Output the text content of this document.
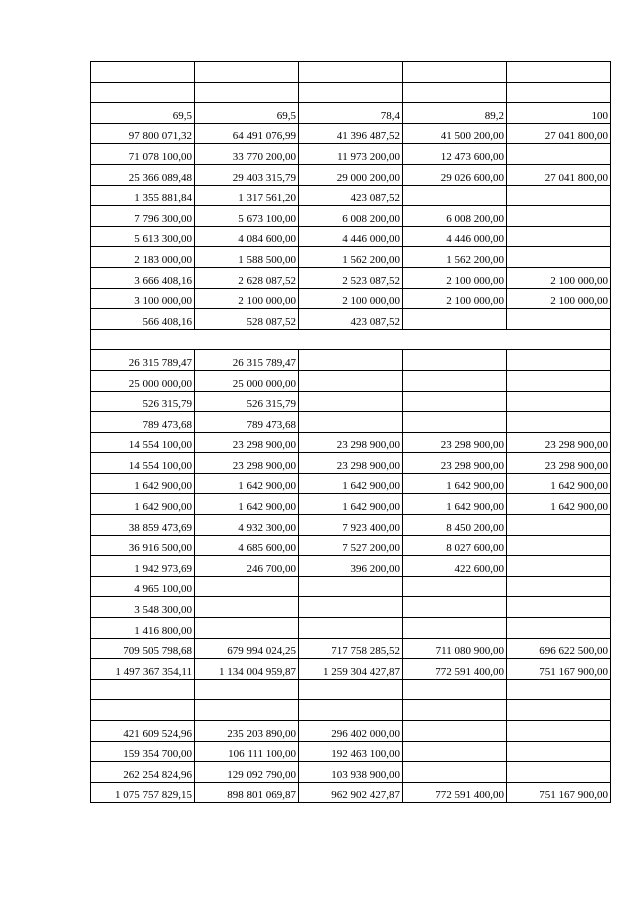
69,5	69,5	78,4	89,2	100
97 800 071,32	64 491 076,99	41 396 487,52	41 500 200,00	27 041 800,00
71 078 100,00	33 770 200,00	11 973 200,00	12 473 600,00	
25 366 089,48	29 403 315,79	29 000 200,00	29 026 600,00	27 041 800,00
1 355 881,84	1 317 561,20	423 087,52		
7 796 300,00	5 673 100,00	6 008 200,00	6 008 200,00	
5 613 300,00	4 084 600,00	4 446 000,00	4 446 000,00	
2 183 000,00	1 588 500,00	1 562 200,00	1 562 200,00	
3 666 408,16	2 628 087,52	2 523 087,52	2 100 000,00	2 100 000,00
3 100 000,00	2 100 000,00	2 100 000,00	2 100 000,00	2 100 000,00
566 408,16	528 087,52	423 087,52		

26 315 789,47	26 315 789,47			
25 000 000,00	25 000 000,00			
526 315,79	526 315,79			
789 473,68	789 473,68			
14 554 100,00	23 298 900,00	23 298 900,00	23 298 900,00	23 298 900,00
14 554 100,00	23 298 900,00	23 298 900,00	23 298 900,00	23 298 900,00
1 642 900,00	1 642 900,00	1 642 900,00	1 642 900,00	1 642 900,00
1 642 900,00	1 642 900,00	1 642 900,00	1 642 900,00	1 642 900,00
38 859 473,69	4 932 300,00	7 923 400,00	8 450 200,00	
36 916 500,00	4 685 600,00	7 527 200,00	8 027 600,00	
1 942 973,69	246 700,00	396 200,00	422 600,00	
4 965 100,00				
3 548 300,00				
1 416 800,00				
709 505 798,68	679 994 024,25	717 758 285,52	711 080 900,00	696 622 500,00
1 497 367 354,11	1 134 004 959,87	1 259 304 427,87	772 591 400,00	751 167 900,00

421 609 524,96	235 203 890,00	296 402 000,00		
159 354 700,00	106 111 100,00	192 463 100,00		
262 254 824,96	129 092 790,00	103 938 900,00		
1 075 757 829,15	898 801 069,87	962 902 427,87	772 591 400,00	751 167 900,00
